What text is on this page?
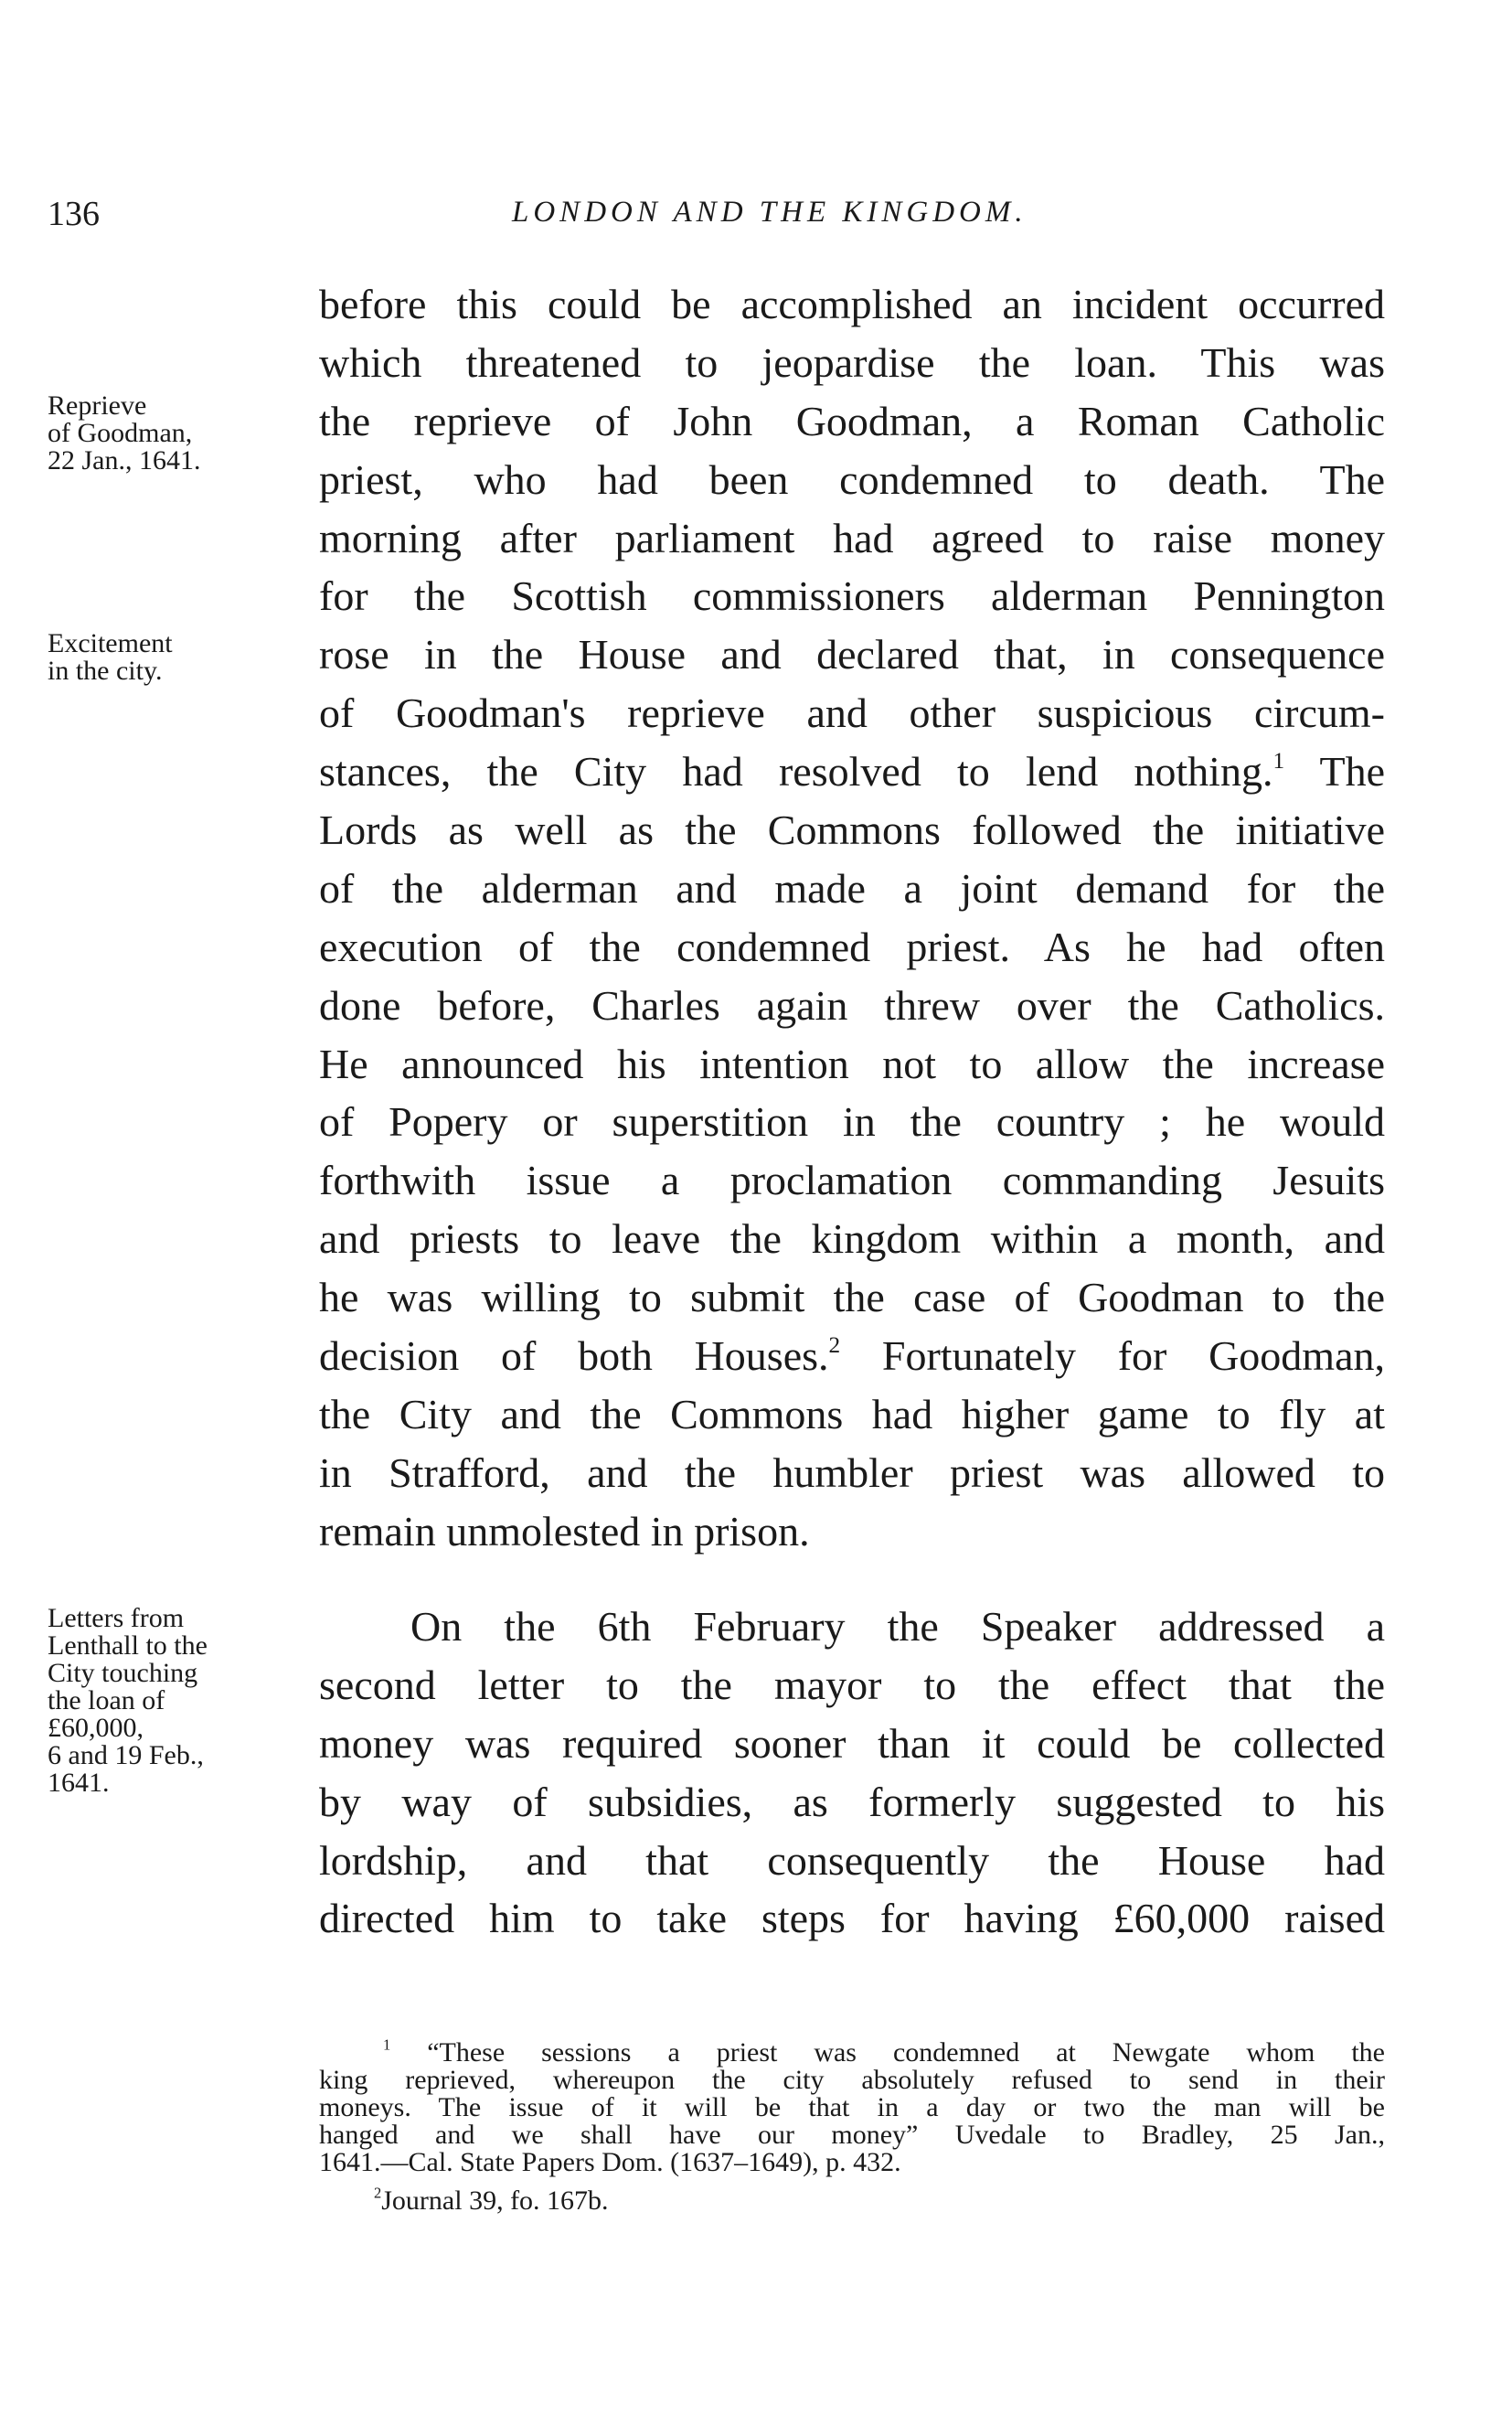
136	LONDON AND THE KINGDOM.
Reprieve
of Goodman,
22 Jan., 1641.
Excitement
in the city.
Letters from
Lenthall to the
City touching
the loan of
£60,000,
6 and 19 Feb.,
1641.
before this could be accomplished an incident occurred
which threatened to jeopardise the loan. This was
the reprieve of John Goodman, a Roman Catholic
priest, who had been condemned to death. The
morning after parliament had agreed to raise money
for the Scottish commissioners alderman Pennington
rose in the House and declared that, in consequence
of Goodman's reprieve and other suspicious circum-
stances, the City had resolved to lend nothing.$^1$ The
Lords as well as the Commons followed the initiative
of the alderman and made a joint demand for the
execution of the condemned priest. As he had often
done before, Charles again threw over the Catholics.
He announced his intention not to allow the increase
of Popery or superstition in the country ; he would
forthwith issue a proclamation commanding Jesuits
and priests to leave the kingdom within a month, and
he was willing to submit the case of Goodman to the
decision of both Houses.$^2$ Fortunately for Goodman,
the City and the Commons had higher game to fly at
in Strafford, and the humbler priest was allowed to
remain unmolested in prison.
On the 6th February the Speaker addressed a
second letter to the mayor to the effect that the
money was required sooner than it could be collected
by way of subsidies, as formerly suggested to his
lordship, and that consequently the House had
directed him to take steps for having £60,000 raised
$^1$ “These sessions a priest was condemned at Newgate whom the
king reprieved, whereupon the city absolutely refused to send in their
moneys. The issue of it will be that in a day or two the man will be
hanged and we shall have our money” Uvedale to Bradley, 25 Jan.,
1641.—Cal. State Papers Dom. (1637–1649), p. 432.
$^2$Journal 39, fo. 167b.
